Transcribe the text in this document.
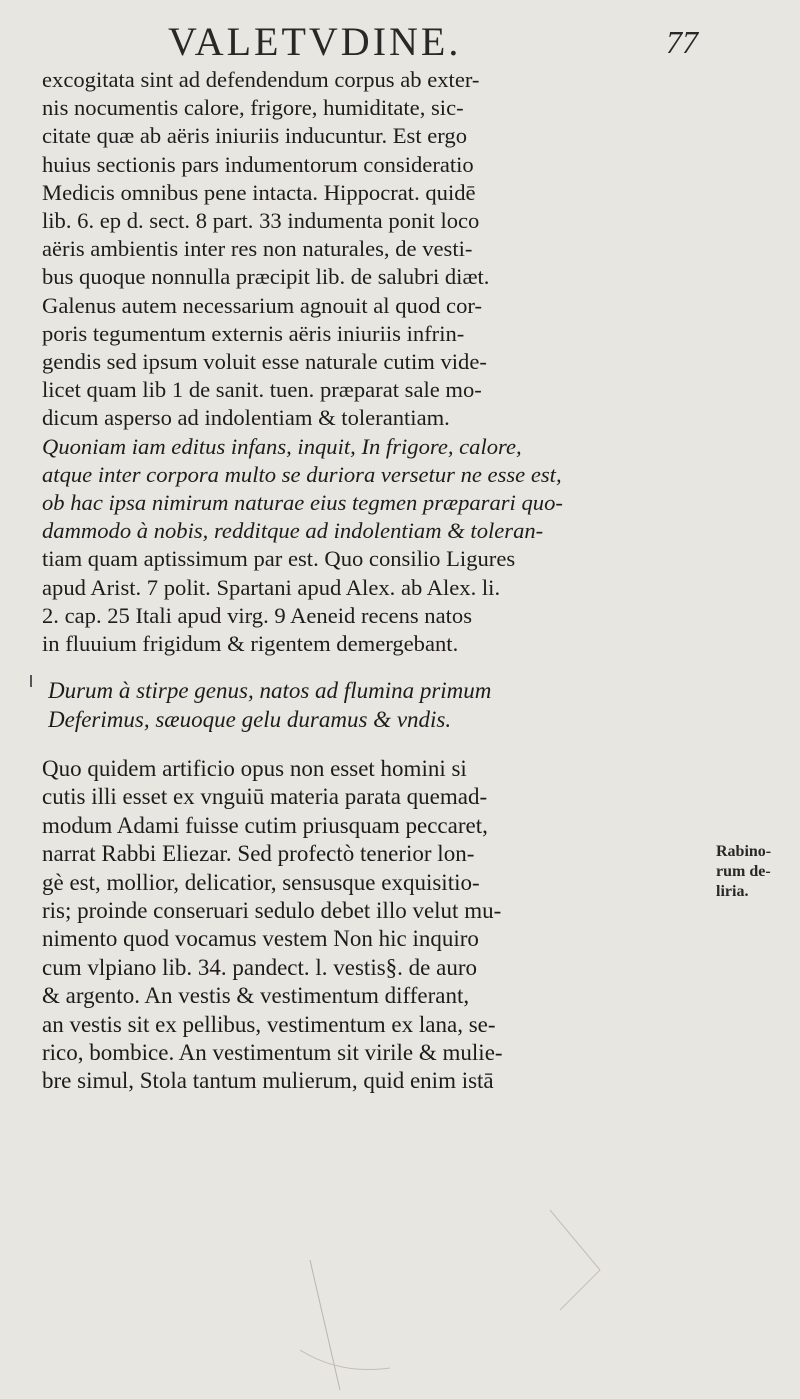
VALETVDINE.	77
excogitata sint ad defendendum corpus ab exter-
nis nocumentis calore, frigore, humiditate, sic-
citate quæ ab aëris iniuriis inducuntur. Est ergo
huius sectionis pars indumentorum consideratio
Medicis omnibus pene intacta. Hippocrat. quidē
lib. 6. ep d. sect. 8 part. 33 indumenta ponit loco
aëris ambientis inter res non naturales, de vesti-
bus quoque nonnulla præcipit lib. de salubri diæt.
Galenus autem necessarium agnouit al quod cor-
poris tegumentum externis aëris iniuriis infrin-
gendis sed ipsum voluit esse naturale cutim vide-
licet quam lib 1 de sanit. tuen. præparat sale mo-
dicum asperso ad indolentiam & tolerantiam.
Quoniam iam editus infans, inquit, In frigore, calore,
atque inter corpora multo se duriora versetur ne esse est,
ob hac ipsa nimirum naturae eius tegmen præparari quo-
dammodo à nobis, redditque ad indolentiam & toleran-
tiam quam aptissimum par est. Quo consilio Ligures
apud Arist. 7 polit. Spartani apud Alex. ab Alex. li.
2. cap. 25 Itali apud virg. 9 Aeneid recens natos
in fluuium frigidum & rigentem demergebant.
Durum à stirpe genus, natos ad flumina primum
Deferimus, sæuoque gelu duramus & vndis.
Quo quidem artificio opus non esset homini si
cutis illi esset ex vnguiū materia parata quemad-
modum Adami fuisse cutim priusquam peccaret,
narrat Rabbi Eliezar. Sed profectò tenerior lon-
gè est, mollior, delicatior, sensusque exquisitio-
ris; proinde conseruari sedulo debet illo velut mu-
nimento quod vocamus vestem Non hic inquiro
cum vlpiano lib. 34. pandect. l. vestis§. de auro
& argento. An vestis & vestimentum differant,
an vestis sit ex pellibus, vestimentum ex lana, se-
rico, bombice. An vestimentum sit virile & mulie-
bre simul, Stola tantum mulierum, quid enim istā
Rabino-
rum de-
liria.
